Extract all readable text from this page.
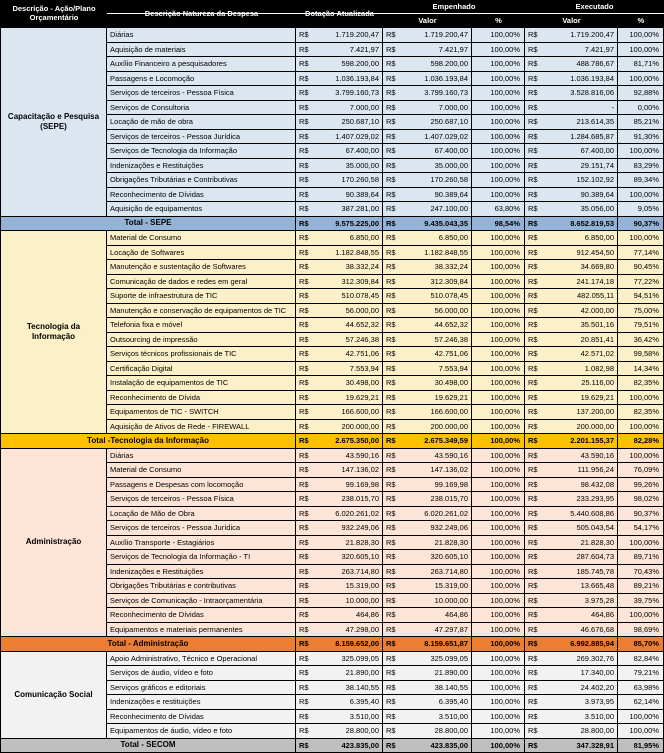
Descrição - Ação/Plano
Orçamentário	Descrição Natureza da Despesa	Dotação Atualizada
Empenhado
Valor	%
Executado
Valor	%
Capacitação e Pesquisa (SEPE)
Diárias	R$	1.719.200,47 R$	1.719.200,47	100,00%	R$	1.719.200,47	100,00%
Aquisição de materiais	R$	7.421,97 R$	7.421,97	100,00%	R$	7.421,97	100,00%
Auxílio Financeiro a pesquisadores	R$	598.200,00 R$	598.200,00	100,00%	R$	488.786,67	81,71%
Passagens e Locomoção	R$	1.036.193,84 R$	1.036.193,84	100,00%	R$	1.036.193,84	100,00%
Serviços de terceiros - Pessoa Física	R$	3.799.160,73 R$	3.799.160,73	100,00%	R$	3.528.816,06	92,88%
Serviços de Consultoria	R$	7.000,00 R$	7.000,00	100,00%	R$	-	0,00%
Locação de mão de obra	R$	250.687,10 R$	250.687,10	100,00%	R$	213.614,35	85,21%
Serviços de terceiros - Pessoa Jurídica	R$	1.407.029,02 R$	1.407.029,02	100,00%	R$	1.284.685,87	91,30%
Serviços de Tecnologia da Informação	R$	67.400,00 R$	67.400,00	100,00%	R$	67.400,00	100,00%
Indenizações e Restituições	R$	35.000,00 R$	35.000,00	100,00%	R$	29.151,74	83,29%
Obrigações Tributárias e Contributivas	R$	170.260,58 R$	170.260,58	100,00%	R$	152.102,92	89,34%
Reconhecimento de Dívidas	R$	90.389,64 R$	90.389,64	100,00%	R$	90.389,64	100,00%
Aquisição de equipamentos	R$	387.281,00 R$	247.100,00	63,80%	R$	35.056,00	9,05%
Total - SEPE	R$	9.575.225,00 R$	9.435.043,35	98,54%	R$	8.652.819,53	90,37%
Tecnologia da Informação
Material de Consumo	R$	6.850,00 R$	6.850,00	100,00%	R$	6.850,00	100,00%
Locação de Softwares	R$	1.182.848,55 R$	1.182.848,55	100,00%	R$	912.454,50	77,14%
Manutenção e sustentação de Softwares	R$	38.332,24 R$	38.332,24	100,00%	R$	34.669,80	90,45%
Comunicação de dados e redes em geral	R$	312.309,84 R$	312.309,84	100,00%	R$	241.174,18	77,22%
Suporte de infraestrutura de TIC	R$	510.078,45 R$	510.078,45	100,00%	R$	482.055,11	94,51%
Manutenção e conservação de equipamentos de TIC	R$	56.000,00 R$	56.000,00	100,00%	R$	42.000,00	75,00%
Telefonia fixa e móvel	R$	44.652,32 R$	44.652,32	100,00%	R$	35.501,16	79,51%
Outsourcing de impressão	R$	57.246,38 R$	57.246,38	100,00%	R$	20.851,41	36,42%
Serviços técnicos profissionais de TIC	R$	42.751,06 R$	42.751,06	100,00%	R$	42.571,02	99,58%
Certificação Digital	R$	7.553,94 R$	7.553,94	100,00%	R$	1.082,98	14,34%
Instalação de equipamentos de TIC	R$	30.498,00 R$	30.498,00	100,00%	R$	25.116,00	82,35%
Reconhecimento de Dívida	R$	19.629,21 R$	19.629,21	100,00%	R$	19.629,21	100,00%
Equipamentos de TIC - SWITCH	R$	166.600,00 R$	166.600,00	100,00%	R$	137.200,00	82,35%
Aquisição de Ativos de Rede - FIREWALL	R$	200.000,00 R$	200.000,00	100,00%	R$	200.000,00	100,00%
Total -Tecnologia da Informação	R$	2.675.350,00 R$	2.675.349,59	100,00%	R$	2.201.155,37	82,28%
Administração
Diárias	R$	43.590,16 R$	43.590,16	100,00%	R$	43.590,16	100,00%
Material de Consumo	R$	147.136,02 R$	147.136,02	100,00%	R$	111.956,24	76,09%
Passagens e Despesas com locomoção	R$	99.169,98 R$	99.169,98	100,00%	R$	98.432,08	99,26%
Serviços de terceiros - Pessoa Física	R$	238.015,70 R$	238.015,70	100,00%	R$	233.293,95	98,02%
Locação de Mão de Obra	R$	6.020.261,02 R$	6.020.261,02	100,00%	R$	5.440.608,86	90,37%
Serviços de terceiros - Pessoa Jurídica	R$	932.249,06 R$	932.249,06	100,00%	R$	505.043,54	54,17%
Auxílio Transporte - Estagiários	R$	21.828,30 R$	21.828,30	100,00%	R$	21.828,30	100,00%
Serviços de Tecnologia da Informação - TI	R$	320.605,10 R$	320.605,10	100,00%	R$	287.604,73	89,71%
Indenizações e Restituições	R$	263.714,80 R$	263.714,80	100,00%	R$	185.745,78	70,43%
Obrigações Tributárias e contributivas	R$	15.319,00 R$	15.319,00	100,00%	R$	13.665,48	89,21%
Serviços de Comunicação - Intraorçamentária	R$	10.000,00 R$	10.000,00	100,00%	R$	3.975,28	39,75%
Reconhecimento de Dívidas	R$	464,86 R$	464,86	100,00%	R$	464,86	100,00%
Equipamentos e materiais permanentes	R$	47.298,00 R$	47.297,87	100,00%	R$	46.676,68	98,69%
Total - Administração	R$	8.159.652,00 R$	8.159.651,87	100,00%	R$	6.992.885,94	85,70%
Comunicação Social
Apoio Administrativo, Técnico e Operacional	R$	325.099,05 R$	325.099,05	100,00%	R$	269.302,76	82,84%
Serviços de áudio, vídeo e foto	R$	21.890,00 R$	21.890,00	100,00%	R$	17.340,00	79,21%
Serviços gráficos e editoriais	R$	38.140,55 R$	38.140,55	100,00%	R$	24.402,20	63,98%
Indenizações e restituições	R$	6.395,40 R$	6.395,40	100,00%	R$	3.973,95	62,14%
Reconhecimento de Dívidas	R$	3.510,00 R$	3.510,00	100,00%	R$	3.510,00	100,00%
Equipamentos de áudio, vídeo e foto	R$	28.800,00 R$	28.800,00	100,00%	R$	28.800,00	100,00%
Total - SECOM	R$	423.835,00 R$	423.835,00	100,00%	R$	347.328,91	81,95%
